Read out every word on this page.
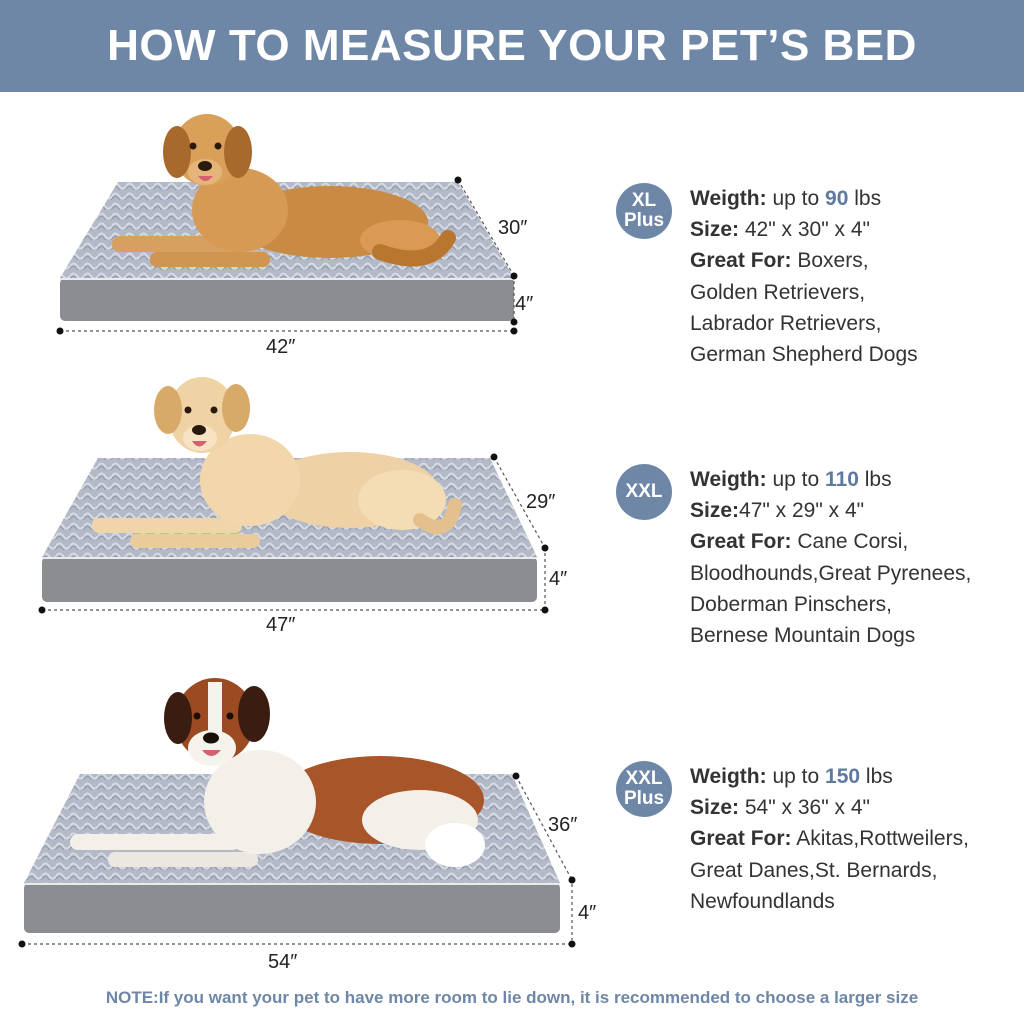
HOW TO MEASURE YOUR PET’S BED
42″
30″
4″
47″
29″
4″
54″
36″
4″
XL
Plus
XXL
XXL
Plus
Weigth: up to 90 lbs
Size: 42" x 30" x 4"
Great For: Boxers,
Golden Retrievers,
Labrador Retrievers,
German Shepherd Dogs
Weigth: up to 110 lbs
Size:47" x 29" x 4"
Great For: Cane Corsi,
Bloodhounds,Great Pyrenees,
Doberman Pinschers,
Bernese Mountain Dogs
Weigth: up to 150 lbs
Size: 54" x 36" x 4"
Great For: Akitas,Rottweilers,
Great Danes,St. Bernards,
Newfoundlands
NOTE:If you want your pet to have more room to lie down, it is recommended to choose a larger size
